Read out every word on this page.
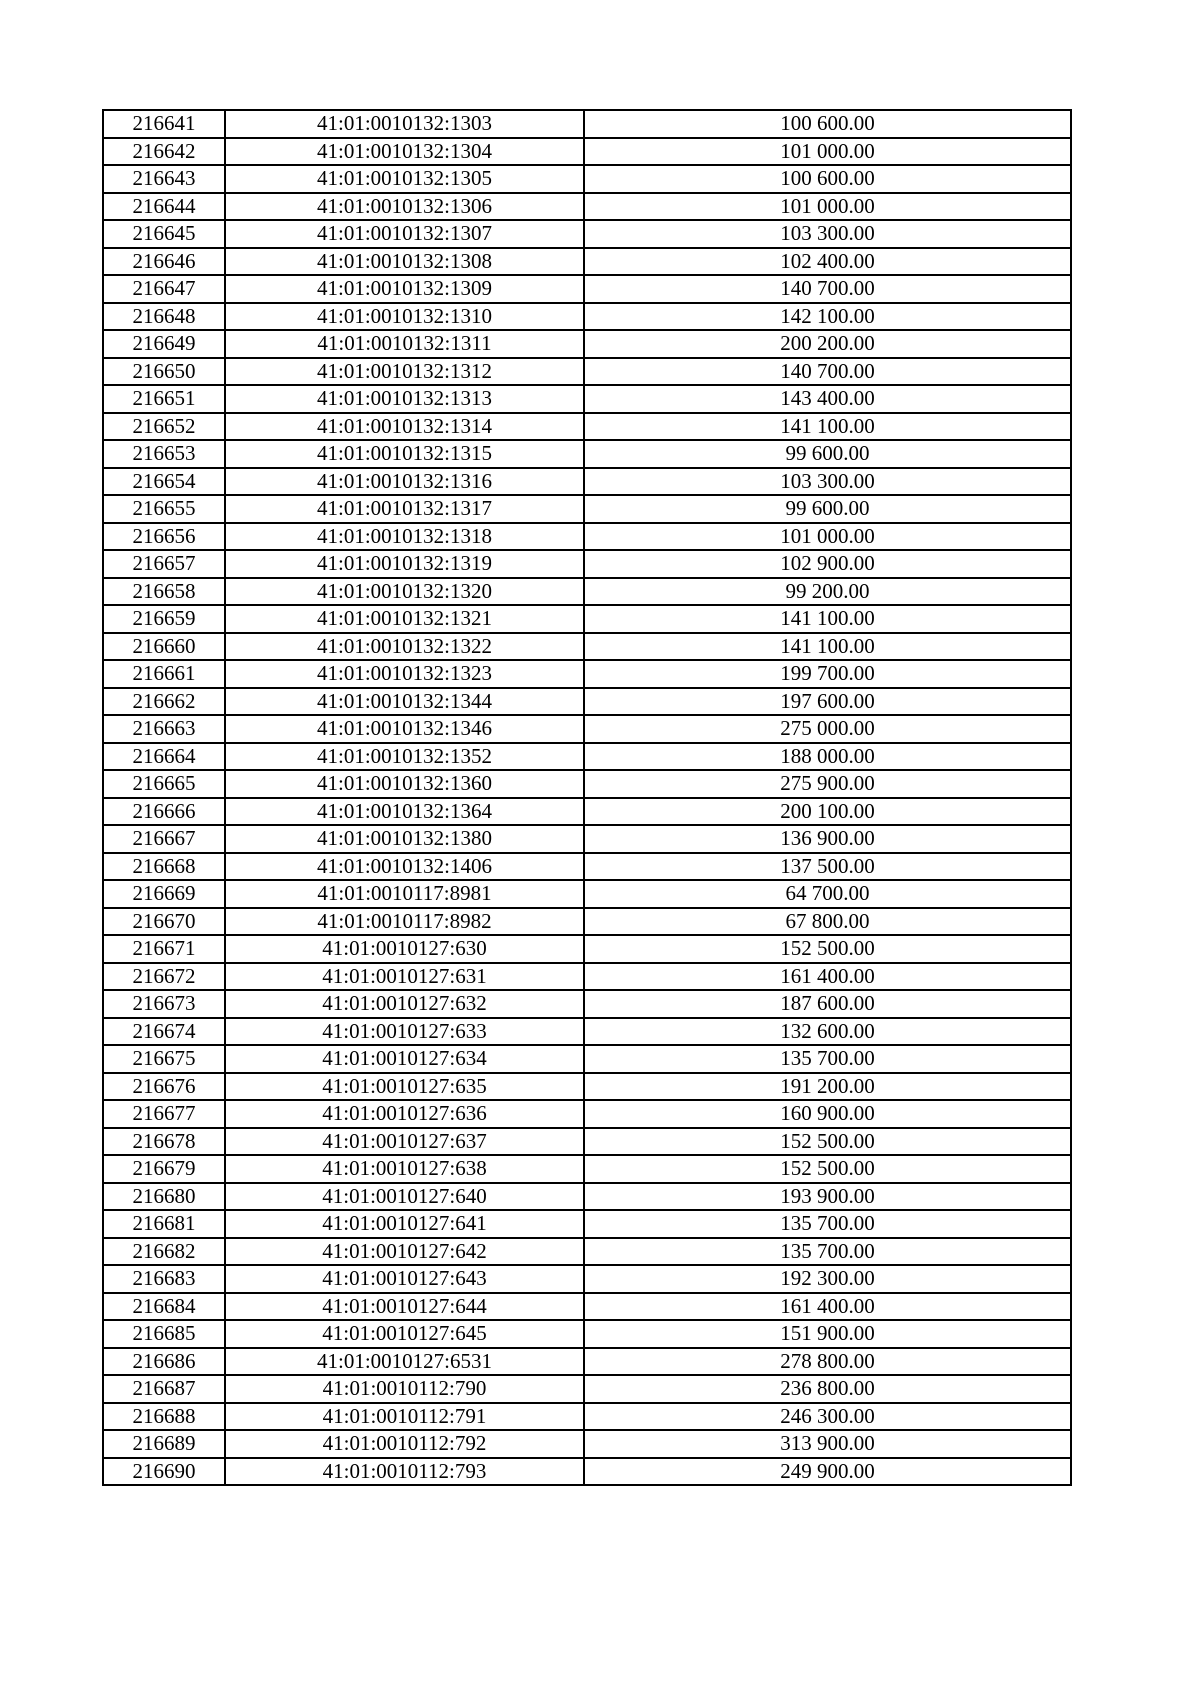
216641	41:01:0010132:1303	100 600.00
216642	41:01:0010132:1304	101 000.00
216643	41:01:0010132:1305	100 600.00
216644	41:01:0010132:1306	101 000.00
216645	41:01:0010132:1307	103 300.00
216646	41:01:0010132:1308	102 400.00
216647	41:01:0010132:1309	140 700.00
216648	41:01:0010132:1310	142 100.00
216649	41:01:0010132:1311	200 200.00
216650	41:01:0010132:1312	140 700.00
216651	41:01:0010132:1313	143 400.00
216652	41:01:0010132:1314	141 100.00
216653	41:01:0010132:1315	99 600.00
216654	41:01:0010132:1316	103 300.00
216655	41:01:0010132:1317	99 600.00
216656	41:01:0010132:1318	101 000.00
216657	41:01:0010132:1319	102 900.00
216658	41:01:0010132:1320	99 200.00
216659	41:01:0010132:1321	141 100.00
216660	41:01:0010132:1322	141 100.00
216661	41:01:0010132:1323	199 700.00
216662	41:01:0010132:1344	197 600.00
216663	41:01:0010132:1346	275 000.00
216664	41:01:0010132:1352	188 000.00
216665	41:01:0010132:1360	275 900.00
216666	41:01:0010132:1364	200 100.00
216667	41:01:0010132:1380	136 900.00
216668	41:01:0010132:1406	137 500.00
216669	41:01:0010117:8981	64 700.00
216670	41:01:0010117:8982	67 800.00
216671	41:01:0010127:630	152 500.00
216672	41:01:0010127:631	161 400.00
216673	41:01:0010127:632	187 600.00
216674	41:01:0010127:633	132 600.00
216675	41:01:0010127:634	135 700.00
216676	41:01:0010127:635	191 200.00
216677	41:01:0010127:636	160 900.00
216678	41:01:0010127:637	152 500.00
216679	41:01:0010127:638	152 500.00
216680	41:01:0010127:640	193 900.00
216681	41:01:0010127:641	135 700.00
216682	41:01:0010127:642	135 700.00
216683	41:01:0010127:643	192 300.00
216684	41:01:0010127:644	161 400.00
216685	41:01:0010127:645	151 900.00
216686	41:01:0010127:6531	278 800.00
216687	41:01:0010112:790	236 800.00
216688	41:01:0010112:791	246 300.00
216689	41:01:0010112:792	313 900.00
216690	41:01:0010112:793	249 900.00
